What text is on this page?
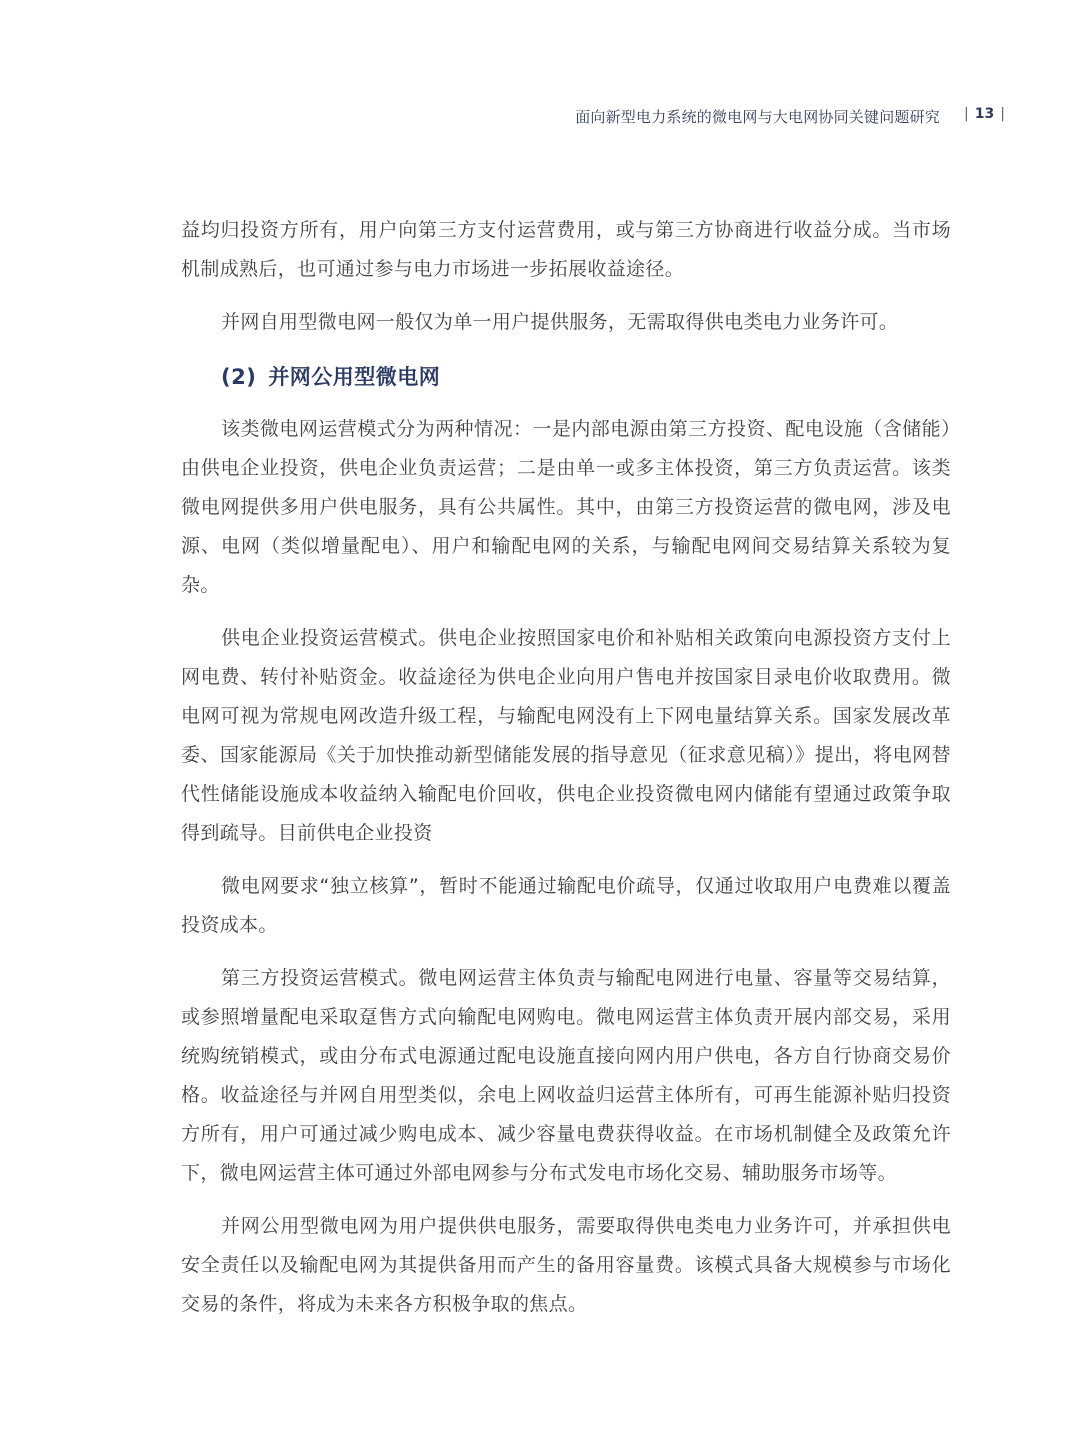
面向新型电力系统的微电网与大电网协同关键问题研究	| 13 |

益均归投资方所有，用户向第三方支付运营费用，或与第三方协商进行收益分成。当市场机制成熟后，也可通过参与电力市场进一步拓展收益途径。

并网自用型微电网一般仅为单一用户提供服务，无需取得供电类电力业务许可。

(2) 并网公用型微电网

该类微电网运营模式分为两种情况：一是内部电源由第三方投资、配电设施（含储能）由供电企业投资，供电企业负责运营；二是由单一或多主体投资，第三方负责运营。该类微电网提供多用户供电服务，具有公共属性。其中，由第三方投资运营的微电网，涉及电源、电网（类似增量配电）、用户和输配电网的关系，与输配电网间交易结算关系较为复杂。

供电企业投资运营模式。供电企业按照国家电价和补贴相关政策向电源投资方支付上网电费、转付补贴资金。收益途径为供电企业向用户售电并按国家目录电价收取费用。微电网可视为常规电网改造升级工程，与输配电网没有上下网电量结算关系。国家发展改革委、国家能源局《关于加快推动新型储能发展的指导意见（征求意见稿）》提出，将电网替代性储能设施成本收益纳入输配电价回收，供电企业投资微电网内储能有望通过政策争取得到疏导。目前供电企业投资

微电网要求“独立核算”，暂时不能通过输配电价疏导，仅通过收取用户电费难以覆盖投资成本。

第三方投资运营模式。微电网运营主体负责与输配电网进行电量、容量等交易结算，或参照增量配电采取趸售方式向输配电网购电。微电网运营主体负责开展内部交易，采用统购统销模式，或由分布式电源通过配电设施直接向网内用户供电，各方自行协商交易价格。收益途径与并网自用型类似，余电上网收益归运营主体所有，可再生能源补贴归投资方所有，用户可通过减少购电成本、减少容量电费获得收益。在市场机制健全及政策允许下，微电网运营主体可通过外部电网参与分布式发电市场化交易、辅助服务市场等。

并网公用型微电网为用户提供供电服务，需要取得供电类电力业务许可，并承担供电安全责任以及输配电网为其提供备用而产生的备用容量费。该模式具备大规模参与市场化交易的条件，将成为未来各方积极争取的焦点。
